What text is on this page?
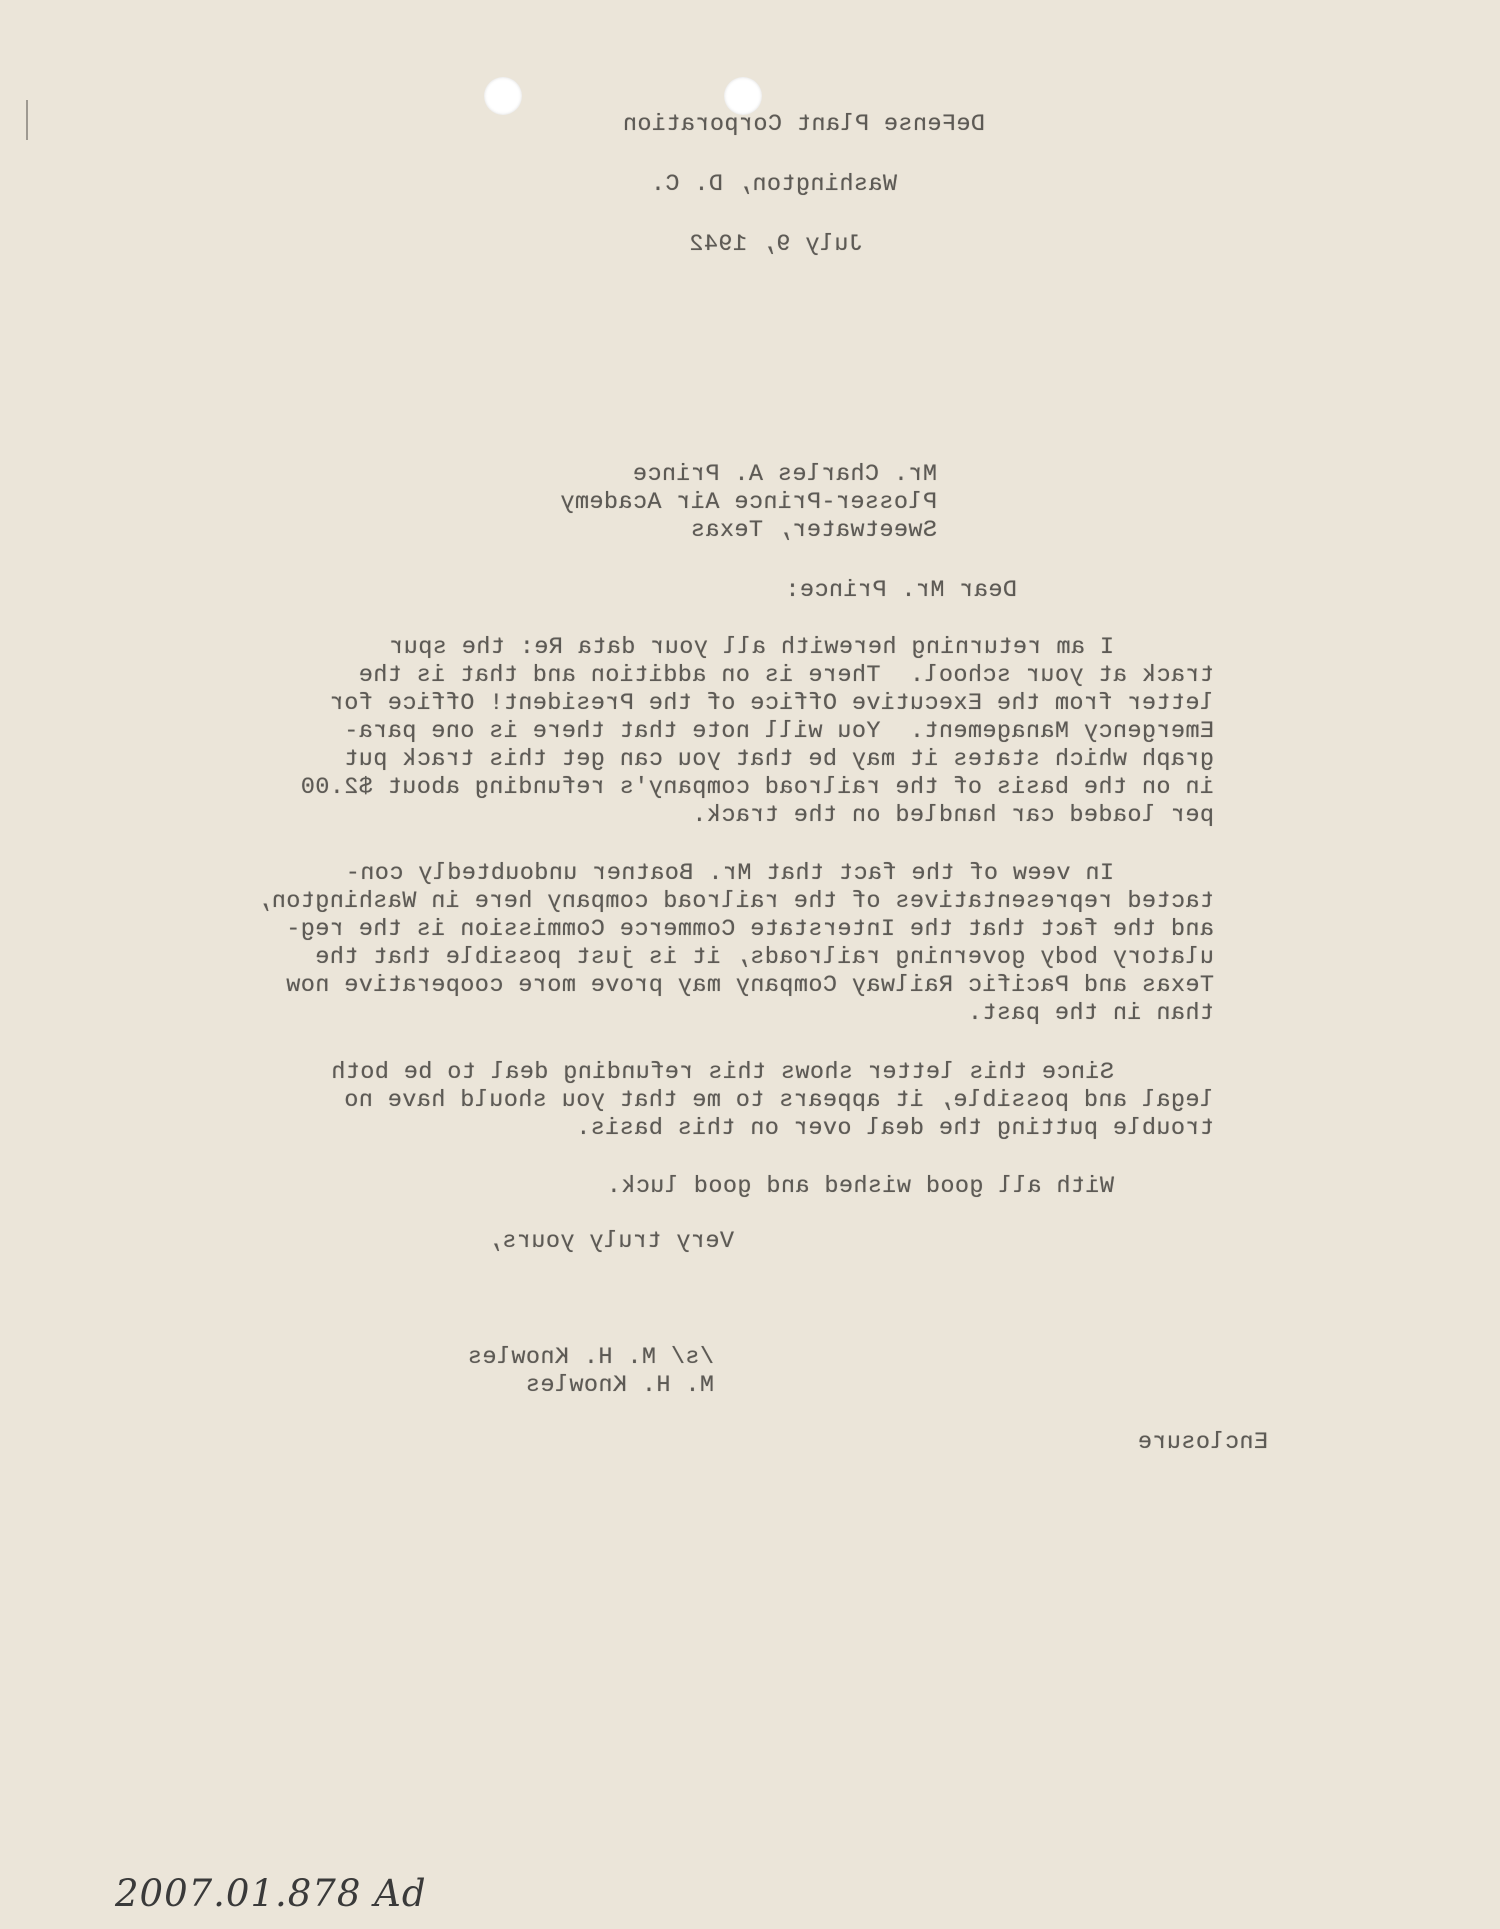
DeFense Plant Corporation
Washington, D. C.
July 9, 1942
Mr. Charles A. Prince
Plosser-Prince Air Academy
Sweetwater, Texas
Dear Mr. Prince:
I am returning herewith all your data Re: the spur
track at your school.  There is on addition and that is the
letter from the Executive Office of the President! Office for
Emergency Management.  You will note that there is one para-
graph which states it may be that you can get this track put
in on the basis of the railroad company's refunding about $2.00
per loaded car handled on the track.
In veew of the fact that Mr. Boatner undoubtedly con-
tacted representatives of the railroad company here in Washington,
and the fact that the Interstate Commerce Commission is the reg-
ulatory body governing railroads, it is just possible that the
Texas and Pacific Railway Company may prove more cooperative now
than in the past.
Since this letter shows this refunding deal to be both
legal and possible, it appears to me that you should have no
trouble putting the deal over on this basis.
With all good wished and good luck.
Very truly yours,
/s/ M. H. Knowles
M. H. Knowles
Enclosure
2007.01.878 Ad
